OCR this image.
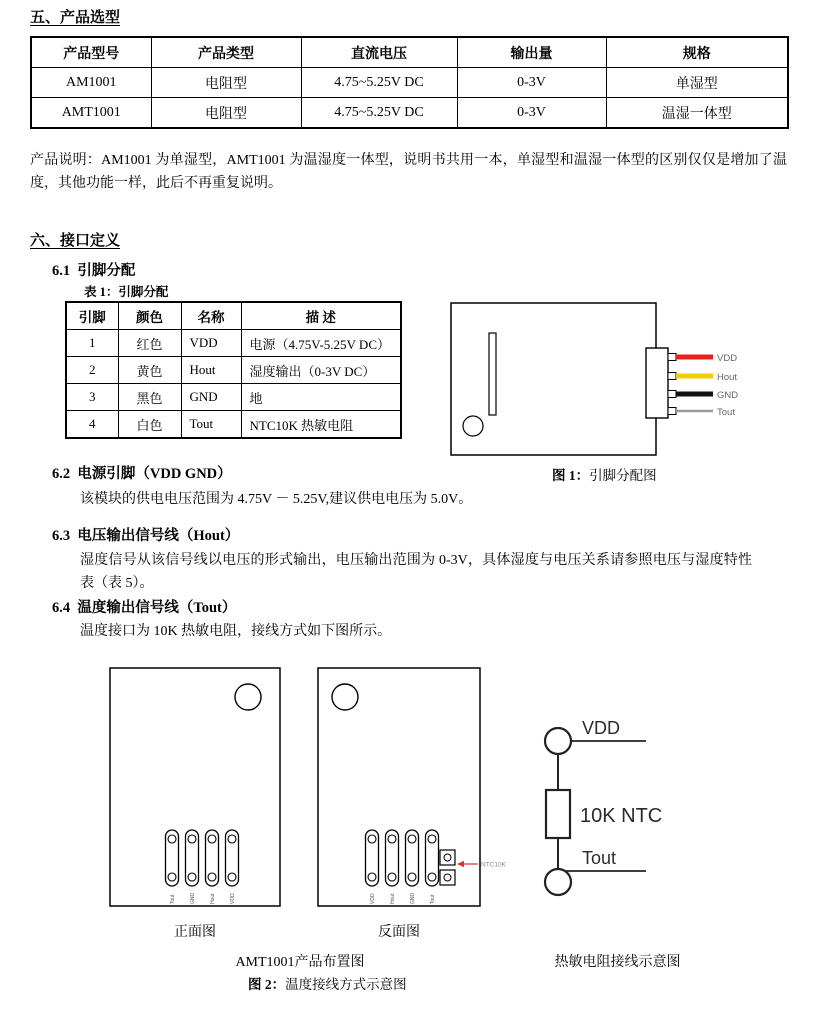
五、产品选型
产品型号	产品类型	直流电压	输出量	规格
AM1001	电阻型	4.75~5.25V DC	0-3V	单湿型
AMT1001	电阻型	4.75~5.25V DC	0-3V	温湿一体型
产品说明：AM1001 为单湿型，AMT1001 为温湿度一体型，说明书共用一本，单湿型和温湿一体型的区别仅仅是增加了温度，其他功能一样，此后不再重复说明。
六、接口定义
6.1  引脚分配
表 1：引脚分配
引脚	颜色	名称	描 述
1	红色	VDD	电源（4.75V-5.25V DC）
2	黄色	Hout	湿度输出（0-3V DC）
3	黑色	GND	地
4	白色	Tout	NTC10K 热敏电阻
VDD
Hout
GND
Tout
6.2  电源引脚（VDD GND）	图 1：引脚分配图
该模块的供电电压范围为 4.75V － 5.25V,建议供电电压为 5.0V。
6.3  电压输出信号线（Hout）
湿度信号从该信号线以电压的形式输出，电压输出范围为 0-3V，具体湿度与电压关系请参照电压与湿度特性表（表 5）。
6.4  温度输出信号线（Tout）
温度接口为 10K 热敏电阻，接线方式如下图所示。
Tout	GND	Hout	VDD	VDD	Hout	GND	Tout
NTC10K
VDD
10K NTC
Tout
正面图	反面图
AMT1001产品布置图	热敏电阻接线示意图
图 2：温度接线方式示意图
